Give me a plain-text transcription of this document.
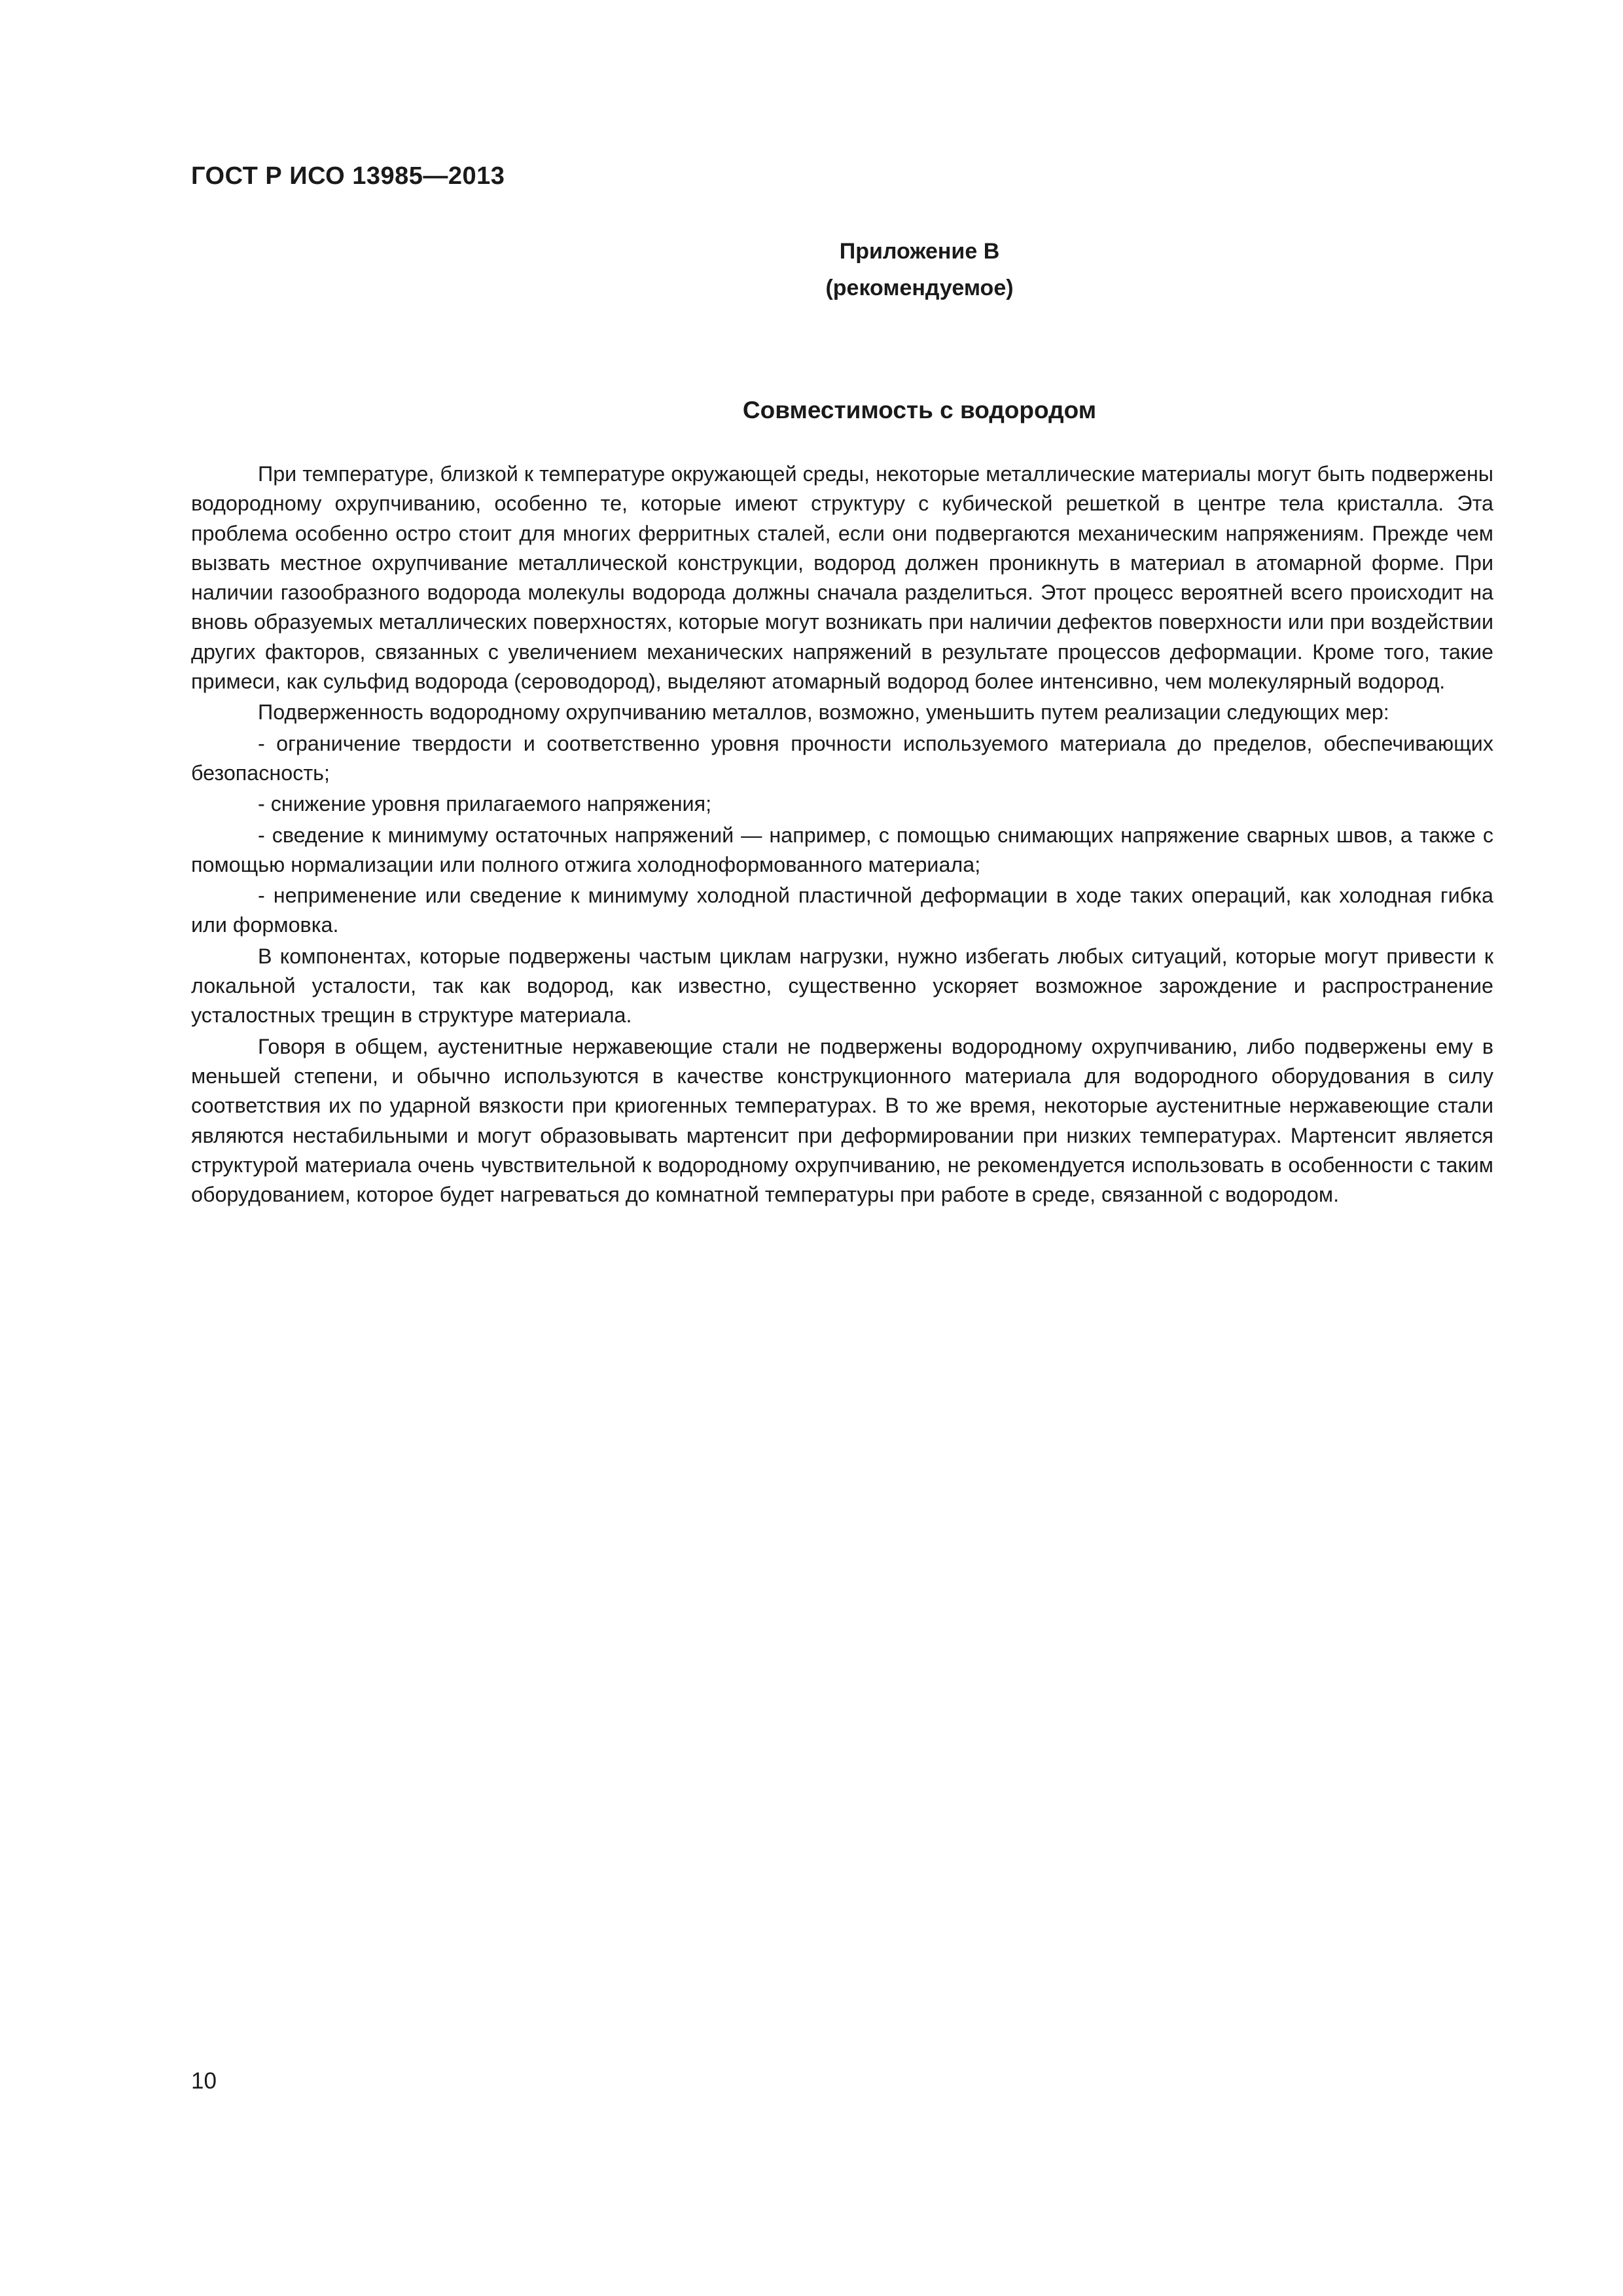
ГОСТ Р ИСО 13985—2013
Приложение В
(рекомендуемое)
Совместимость с водородом

При температуре, близкой к температуре окружающей среды, некоторые металлические материалы могут быть подвержены водородному охрупчиванию, особенно те, которые имеют структуру с кубической решеткой в центре тела кристалла. Эта проблема особенно остро стоит для многих ферритных сталей, если они подвергаются механическим напряжениям. Прежде чем вызвать местное охрупчивание металлической конструкции, водород должен проникнуть в материал в атомарной форме. При наличии газообразного водорода молекулы водорода должны сначала разделиться. Этот процесс вероятней всего происходит на вновь образуемых металлических поверхностях, которые могут возникать при наличии дефектов поверхности или при воздействии других факторов, связанных с увеличением механических напряжений в результате процессов деформации. Кроме того, такие примеси, как сульфид водорода (сероводород), выделяют атомарный водород более интенсивно, чем молекулярный водород.

Подверженность водородному охрупчиванию металлов, возможно, уменьшить путем реализации следующих мер:

- ограничение твердости и соответственно уровня прочности используемого материала до пределов, обеспечивающих безопасность;

- снижение уровня прилагаемого напряжения;

- сведение к минимуму остаточных напряжений — например, с помощью снимающих напряжение сварных швов, а также с помощью нормализации или полного отжига холоднoформованного материала;

- неприменение или сведение к минимуму холодной пластичной деформации в ходе таких операций, как холодная гибка или формовка.

В компонентах, которые подвержены частым циклам нагрузки, нужно избегать любых ситуаций, которые могут привести к локальной усталости, так как водород, как известно, существенно ускоряет возможное зарождение и распространение усталостных трещин в структуре материала.

Говоря в общем, аустенитные нержавеющие стали не подвержены водородному охрупчиванию, либо подвержены ему в меньшей степени, и обычно используются в качестве конструкционного материала для водородного оборудования в силу соответствия их по ударной вязкости при криогенных температурах. В то же время, некоторые аустенитные нержавеющие стали являются нестабильными и могут образовывать мартенсит при деформировании при низких температурах. Мартенсит является структурой материала очень чувствительной к водородному охрупчиванию, не рекомендуется использовать в особенности с таким оборудованием, которое будет нагреваться до комнатной температуры при работе в среде, связанной с водородом.

10
